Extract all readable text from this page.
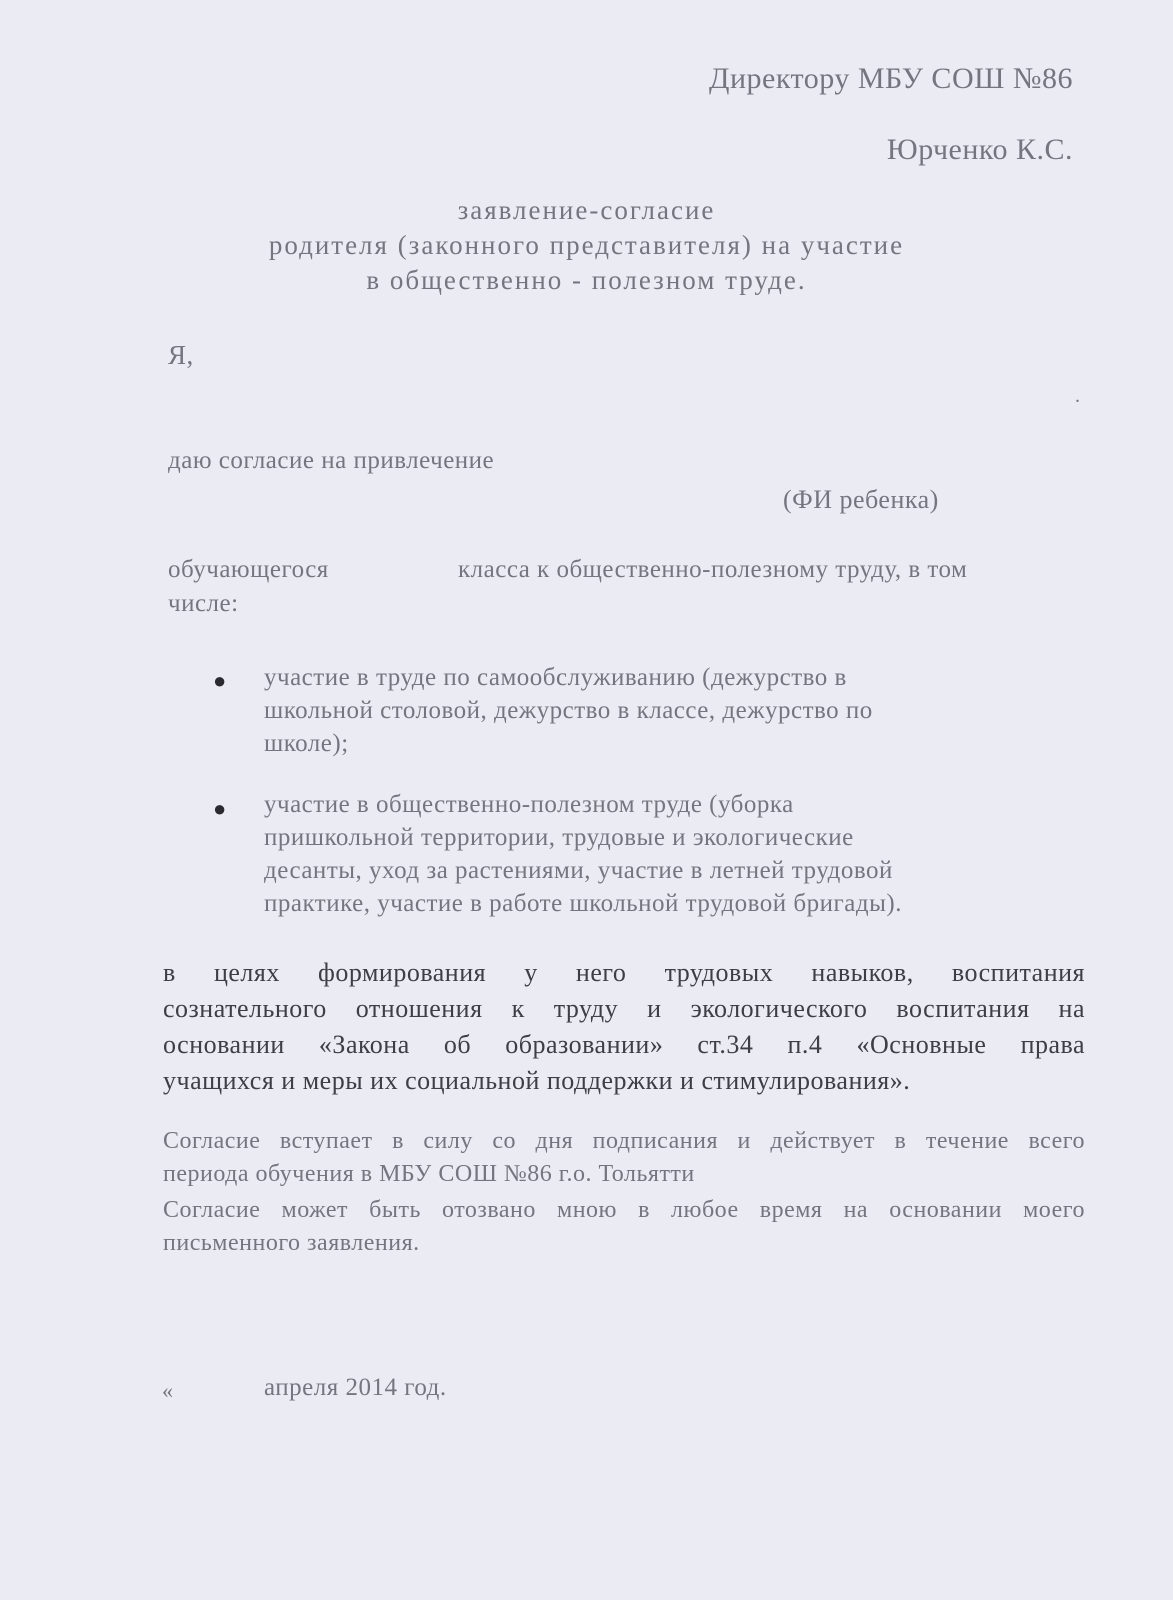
Директору МБУ СОШ №86
Юрченко К.С.
заявление-согласие
родителя (законного представителя) на участие
в общественно - полезном труде.
Я,
.
даю согласие на привлечение
(ФИ ребенка)
обучающегося	класса к общественно-полезному труду, в том
числе:
● участие в труде по самообслуживанию (дежурство в
школьной столовой, дежурство в классе, дежурство по
школе);
● участие в общественно-полезном труде (уборка
пришкольной территории, трудовые и экологические
десанты, уход за растениями, участие в летней трудовой
практике, участие в работе школьной трудовой бригады).
в целях формирования у него трудовых навыков, воспитания
сознательного отношения к труду и экологического воспитания на
основании «Закона об образовании» ст.34 п.4 «Основные права
учащихся и меры их социальной поддержки и стимулирования».
Согласие вступает в силу со дня подписания и действует в течение всего
периода обучения в МБУ СОШ №86 г.о. Тольятти
Согласие может быть отозвано мною в любое время на основании моего
письменного заявления.
«	апреля 2014 год.
